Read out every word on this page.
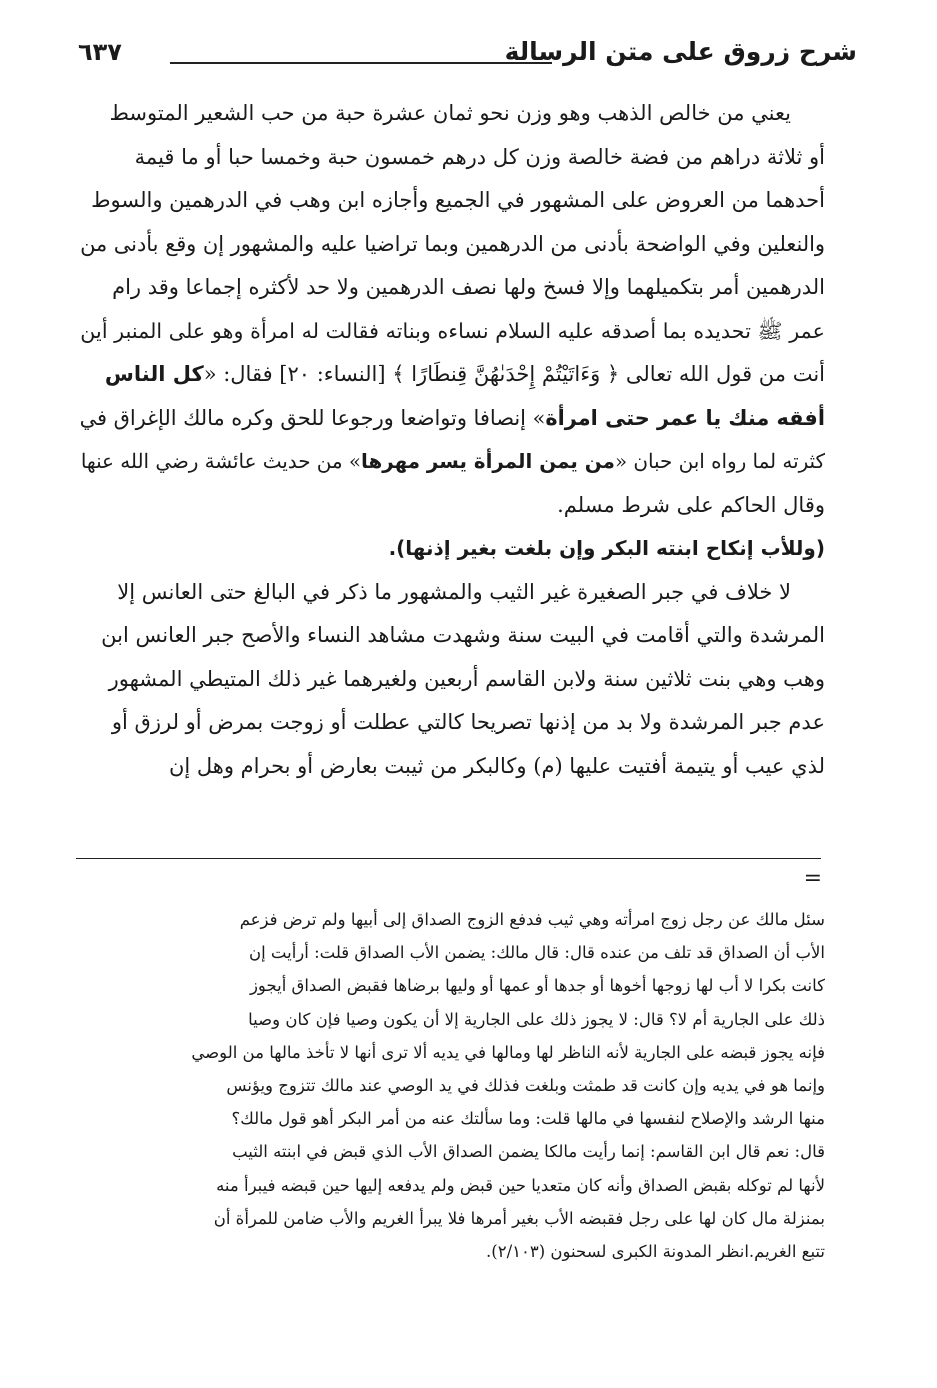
شرح زروق على متن الرسالة
٦٣٧
يعني من خالص الذهب وهو وزن نحو ثمان عشرة حبة من حب الشعير المتوسط
أو ثلاثة دراهم من فضة خالصة وزن كل درهم خمسون حبة وخمسا حبا أو ما قيمة
أحدهما من العروض على المشهور في الجميع وأجازه ابن وهب في الدرهمين والسوط
والنعلين وفي الواضحة بأدنى من الدرهمين وبما تراضيا عليه والمشهور إن وقع بأدنى من
الدرهمين أمر بتكميلهما وإلا فسخ ولها نصف الدرهمين ولا حد لأكثره إجماعا وقد رام
عمر ﷺ تحديده بما أصدقه عليه السلام نساءه وبناته فقالت له امرأة وهو على المنبر أين
أنت من قول الله تعالى ﴿ وَءَاتَيْتُمْ إِحْدَىٰهُنَّ قِنطَارًا ﴾ [النساء: ٢٠] فقال: «كل الناس
أفقه منك يا عمر حتى امرأة» إنصافا وتواضعا ورجوعا للحق وكره مالك الإغراق في
كثرته لما رواه ابن حبان «من يمن المرأة يسر مهرها» من حديث عائشة رضي الله عنها
وقال الحاكم على شرط مسلم.
(وللأب إنكاح ابنته البكر وإن بلغت بغير إذنها).
لا خلاف في جبر الصغيرة غير الثيب والمشهور ما ذكر في البالغ حتى العانس إلا
المرشدة والتي أقامت في البيت سنة وشهدت مشاهد النساء والأصح جبر العانس ابن
وهب وهي بنت ثلاثين سنة ولابن القاسم أربعين ولغيرهما غير ذلك المتيطي المشهور
عدم جبر المرشدة ولا بد من إذنها تصريحا كالتي عطلت أو زوجت بمرض أو لرزق أو
لذي عيب أو يتيمة أفتيت عليها (م) وكالبكر من ثيبت بعارض أو بحرام وهل إن
=
سئل مالك عن رجل زوج امرأته وهي ثيب فدفع الزوج الصداق إلى أبيها ولم ترض فزعم
الأب أن الصداق قد تلف من عنده قال: قال مالك: يضمن الأب الصداق قلت: أرأيت إن
كانت بكرا لا أب لها زوجها أخوها أو جدها أو عمها أو وليها برضاها فقبض الصداق أيجوز
ذلك على الجارية أم لا؟ قال: لا يجوز ذلك على الجارية إلا أن يكون وصيا فإن كان وصيا
فإنه يجوز قبضه على الجارية لأنه الناظر لها ومالها في يديه ألا ترى أنها لا تأخذ مالها من الوصي
وإنما هو في يديه وإن كانت قد طمثت وبلغت فذلك في يد الوصي عند مالك تتزوج ويؤنس
منها الرشد والإصلاح لنفسها في مالها قلت: وما سألتك عنه من أمر البكر أهو قول مالك؟
قال: نعم قال ابن القاسم: إنما رأيت مالكا يضمن الصداق الأب الذي قبض في ابنته الثيب
لأنها لم توكله بقبض الصداق وأنه كان متعديا حين قبض ولم يدفعه إليها حين قبضه فيبرأ منه
بمنزلة مال كان لها على رجل فقبضه الأب بغير أمرها فلا يبرأ الغريم والأب ضامن للمرأة أن
تتبع الغريم.انظر المدونة الكبرى لسحنون (٢/١٠٣).
